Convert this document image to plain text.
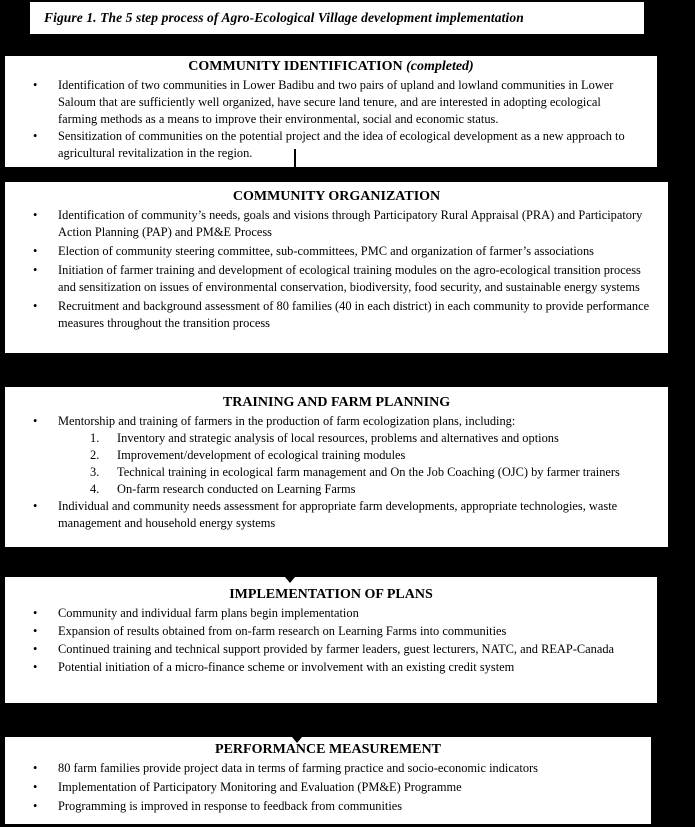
Figure 1. The 5 step process of Agro-Ecological Village development implementation
COMMUNITY IDENTIFICATION (completed)
• Identification of two communities in Lower Badibu and two pairs of upland and lowland communities in Lower Saloum that are sufficiently well organized, have secure land tenure, and are interested in adopting ecological farming methods as a means to improve their environmental, social and economic status.
• Sensitization of communities on the potential project and the idea of ecological development as a new approach to agricultural revitalization in the region.
COMMUNITY ORGANIZATION
• Identification of community’s needs, goals and visions through Participatory Rural Appraisal (PRA) and Participatory Action Planning (PAP) and PM&E Process
• Election of community steering committee, sub-committees, PMC and organization of farmer’s associations
• Initiation of farmer training and development of ecological training modules on the agro-ecological transition process and sensitization on issues of environmental conservation, biodiversity, food security, and sustainable energy systems
• Recruitment and background assessment of 80 families (40 in each district) in each community to provide performance measures throughout the transition process
TRAINING AND FARM PLANNING
• Mentorship and training of farmers in the production of farm ecologization plans, including:
Inventory and strategic analysis of local resources, problems and alternatives and options
Improvement/development of ecological training modules
Technical training in ecological farm management and On the Job Coaching (OJC) by farmer trainers
On-farm research conducted on Learning Farms
• Individual and community needs assessment for appropriate farm developments, appropriate technologies, waste management and household energy systems
IMPLEMENTATION OF PLANS
• Community and individual farm plans begin implementation
• Expansion of results obtained from on-farm research on Learning Farms into communities
• Continued training and technical support provided by farmer leaders, guest lecturers, NATC, and REAP-Canada
• Potential initiation of a micro-finance scheme or involvement with an existing credit system
PERFORMANCE MEASUREMENT
• 80 farm families provide project data in terms of farming practice and socio-economic indicators
• Implementation of Participatory Monitoring and Evaluation (PM&E) Programme
• Programming is improved in response to feedback from communities
